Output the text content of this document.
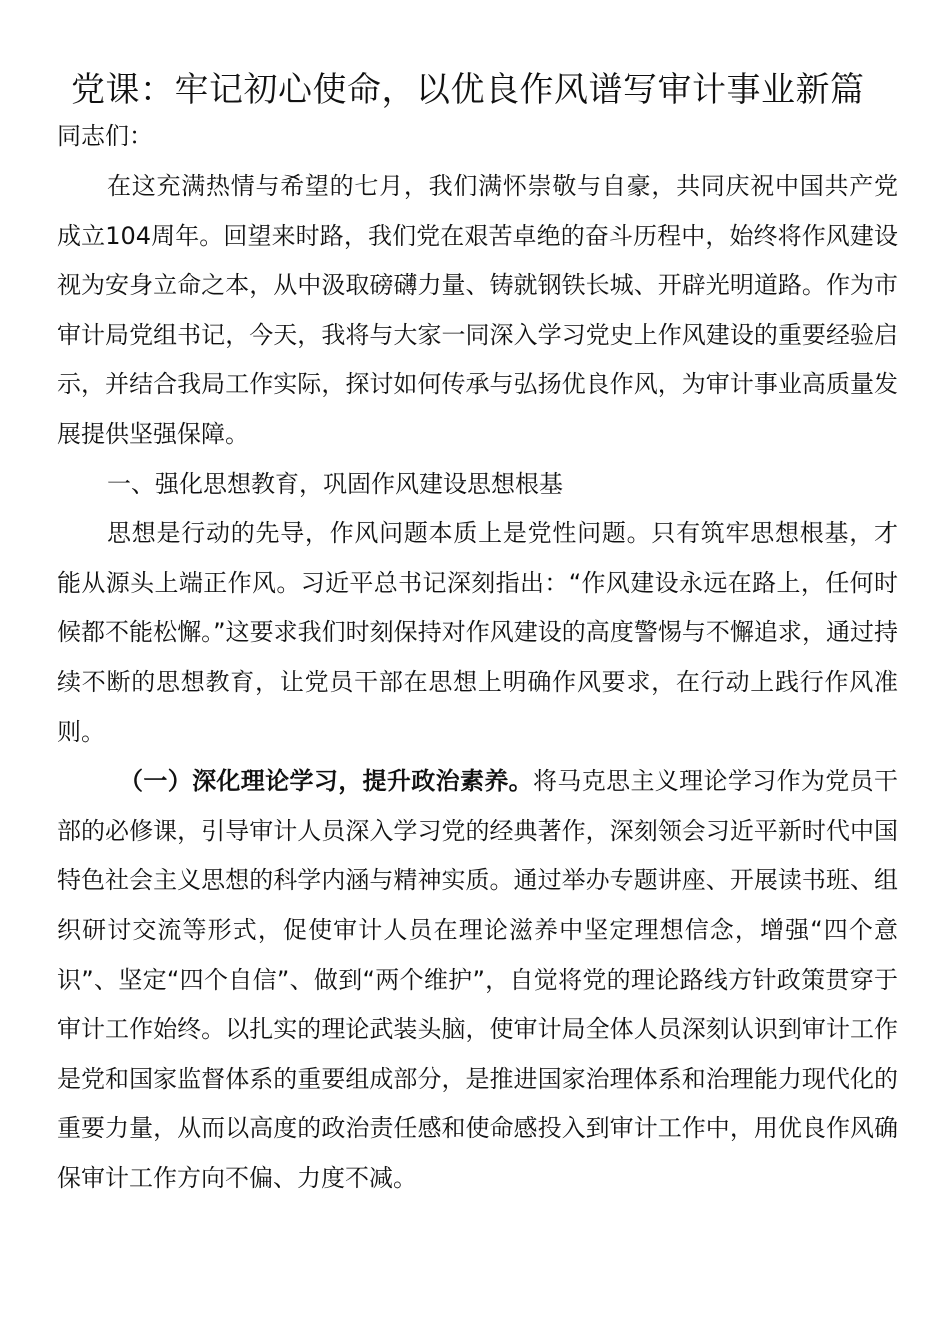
党课：牢记初心使命，以优良作风谱写审计事业新篇

同志们：

在这充满热情与希望的七月，我们满怀崇敬与自豪，共同庆祝中国共产党成立104周年。回望来时路，我们党在艰苦卓绝的奋斗历程中，始终将作风建设视为安身立命之本，从中汲取磅礴力量、铸就钢铁长城、开辟光明道路。作为市审计局党组书记，今天，我将与大家一同深入学习党史上作风建设的重要经验启示，并结合我局工作实际，探讨如何传承与弘扬优良作风，为审计事业高质量发展提供坚强保障。

一、强化思想教育，巩固作风建设思想根基

思想是行动的先导，作风问题本质上是党性问题。只有筑牢思想根基，才能从源头上端正作风。习近平总书记深刻指出：“作风建设永远在路上，任何时候都不能松懈。”这要求我们时刻保持对作风建设的高度警惕与不懈追求，通过持续不断的思想教育，让党员干部在思想上明确作风要求，在行动上践行作风准则。

（一）深化理论学习，提升政治素养。将马克思主义理论学习作为党员干部的必修课，引导审计人员深入学习党的经典著作，深刻领会习近平新时代中国特色社会主义思想的科学内涵与精神实质。通过举办专题讲座、开展读书班、组织研讨交流等形式，促使审计人员在理论滋养中坚定理想信念，增强“四个意识”、坚定“四个自信”、做到“两个维护”，自觉将党的理论路线方针政策贯穿于审计工作始终。以扎实的理论武装头脑，使审计局全体人员深刻认识到审计工作是党和国家监督体系的重要组成部分，是推进国家治理体系和治理能力现代化的重要力量，从而以高度的政治责任感和使命感投入到审计工作中，用优良作风确保审计工作方向不偏、力度不减。
